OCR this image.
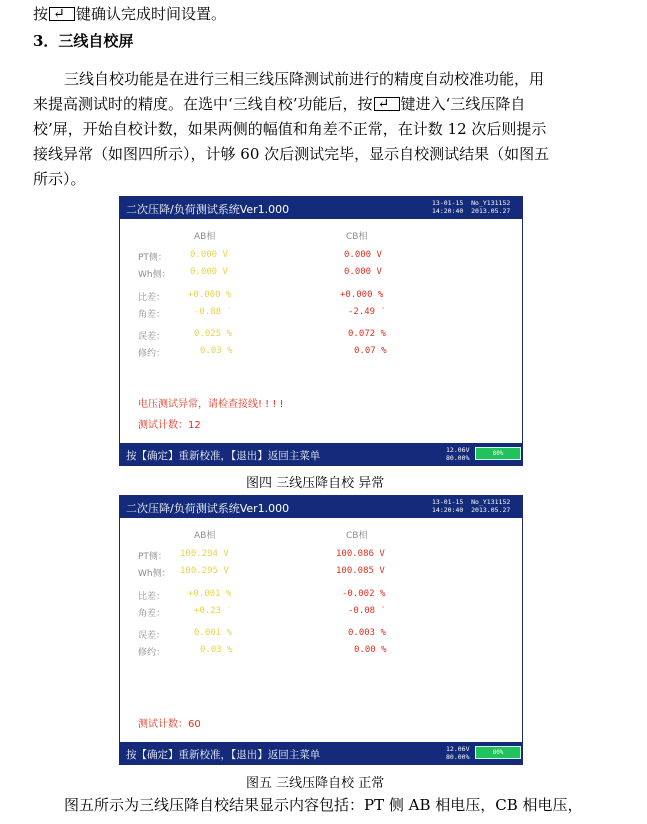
按 ↵ 键确认完成时间设置。
3．三线自校屏
三线自校功能是在进行三相三线压降测试前进行的精度自动校准功能，用
来提高测试时的精度。在选中‘三线自校’功能后，按 ↵ 键进入‘三线压降自
校’屏，开始自校计数，如果两侧的幅值和角差不正常，在计数 12 次后则提示
接线异常（如图四所示），计够 60 次后测试完毕，显示自校测试结果（如图五
所示）。
二次压降/负荷测试系统Ver1.000	13-01-15 No_Y131152
14:20:40 2013.05.27
AB相	CB相
PT侧：	0.000 V	0.000 V
Wh侧： 0.000 V	0.000 V
比差：	+0.000 %	+0.000 %
角差：	-0.88 ′	-2.49 ′
误差：	0.025 %	0.072 %
修约：	0.03 %	0.07 %
电压测试异常，请检查接线! ! ! !
测试计数：12
按【确定】重新校准，【退出】返回主菜单	12.06V
80.00%
80%
图四 三线压降自校 异常
二次压降/负荷测试系统Ver1.000	13-01-15 No_Y131152
14:20:40 2013.05.27
AB相	CB相
PT侧： 100.294 V	100.086 V
Wh侧： 100.295 V	100.085 V
比差：	+0.001 %	-0.002 %
角差：	+0.23 ′	-0.08 ′
误差：	0.001 %	0.003 %
修约：	0.03 %	0.00 %
测试计数：60
按【确定】重新校准，【退出】返回主菜单	12.06V
80.00%
80%
图五 三线压降自校 正常
图五所示为三线压降自校结果显示内容包括：PT 侧 AB 相电压，CB 相电压，
